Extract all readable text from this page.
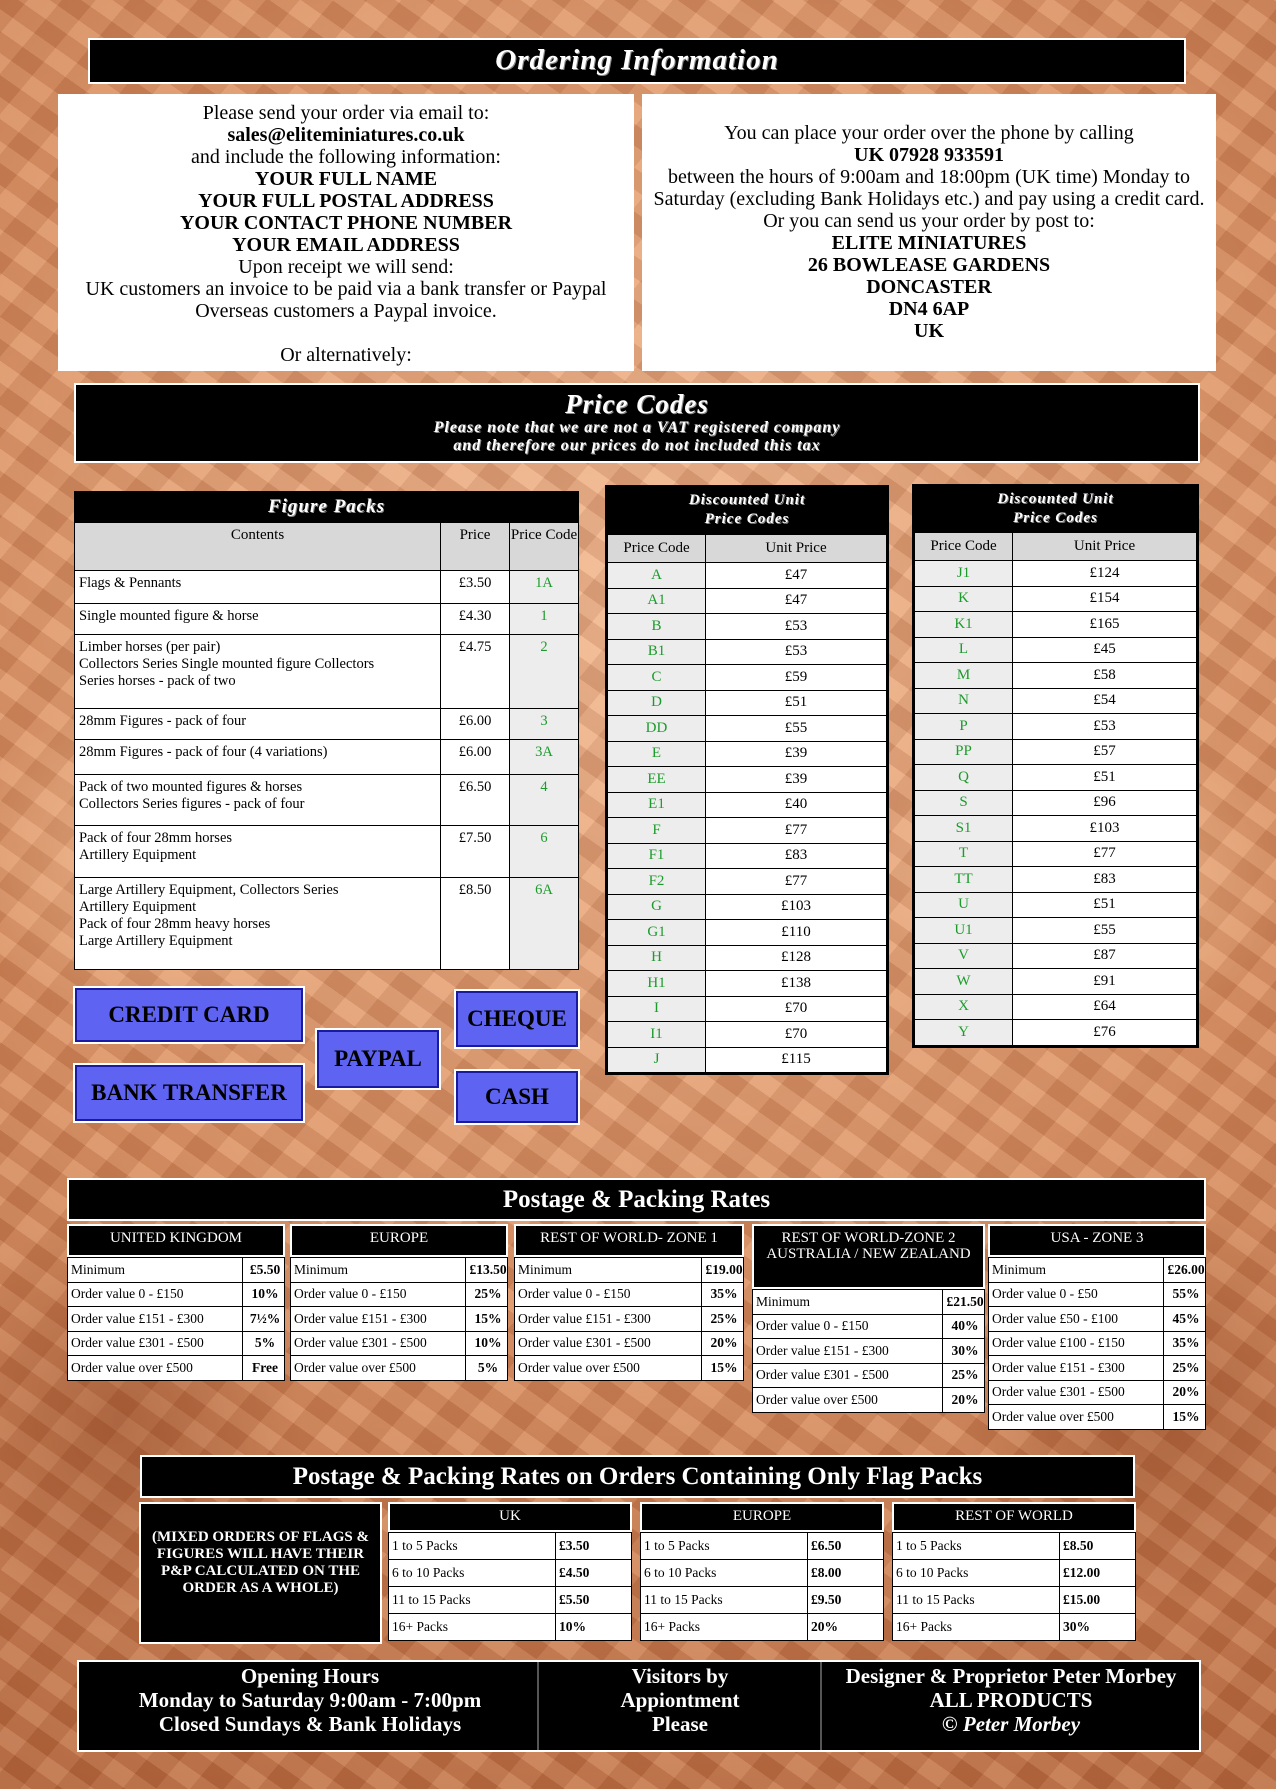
Ordering Information
Please send your order via email to:
sales@eliteminiatures.co.uk
and include the following information:
YOUR FULL NAME
YOUR FULL POSTAL ADDRESS
YOUR CONTACT PHONE NUMBER
YOUR EMAIL ADDRESS
Upon receipt we will send:
UK customers an invoice to be paid via a bank transfer or Paypal
Overseas customers a Paypal invoice.
Or alternatively:
You can place your order over the phone by calling
UK 07928 933591
between the hours of 9:00am and 18:00pm (UK time) Monday to Saturday (excluding Bank Holidays etc.) and pay using a credit card.
Or you can send us your order by post to:
ELITE MINIATURES
26 BOWLEASE GARDENS
DONCASTER
DN4 6AP
UK
Price Codes
Please note that we are not a VAT registered company
and therefore our prices do not included this tax
Figure Packs
Contents	Price	Price Code

Flags & Pennants	£3.50	1A

Single mounted figure & horse	£4.30	1

Limber horses (per pair)
Collectors Series Single mounted figure Collectors
Series horses - pack of two	£4.75	2

28mm Figures - pack of four	£6.00	3

28mm Figures - pack of four (4 variations)	£6.00	3A

Pack of two mounted figures & horses
Collectors Series figures - pack of four	£6.50	4

Pack of four 28mm horses
Artillery Equipment	£7.50	6

Large Artillery Equipment, Collectors Series
Artillery Equipment
Pack of four 28mm heavy horses
Large Artillery Equipment	£8.50	6A
CREDIT CARD
BANK TRANSFER
PAYPAL
CHEQUE
CASH
Discounted Unit
Price Codes
Price Code	Unit Price
A	£47
A1	£47
B	£53
B1	£53
C	£59
D	£51
DD	£55
E	£39
EE	£39
E1	£40
F	£77
F1	£83
F2	£77
G	£103
G1	£110
H	£128
H1	£138
I	£70
I1	£70
J	£115
Discounted Unit
Price Codes
Price Code	Unit Price
J1	£124
K	£154
K1	£165
L	£45
M	£58
N	£54
P	£53
PP	£57
Q	£51
S	£96
S1	£103
T	£77
TT	£83
U	£51
U1	£55
V	£87
W	£91
X	£64
Y	£76
Postage & Packing Rates
UNITED KINGDOM
Minimum	£5.50
Order value 0 - £150	10%
Order value £151 - £300	7½%
Order value £301 - £500	5%
Order value over £500	Free
EUROPE
Minimum	£13.50
Order value 0 - £150	25%
Order value £151 - £300	15%
Order value £301 - £500	10%
Order value over £500	5%
REST OF WORLD- ZONE 1
Minimum	£19.00
Order value 0 - £150	35%
Order value £151 - £300	25%
Order value £301 - £500	20%
Order value over £500	15%
REST OF WORLD-ZONE 2 AUSTRALIA / NEW ZEALAND
Minimum	£21.50
Order value 0 - £150	40%
Order value £151 - £300	30%
Order value £301 - £500	25%
Order value over £500	20%
USA - ZONE 3
Minimum	£26.00
Order value 0 - £50	55%
Order value £50 - £100	45%
Order value £100 - £150	35%
Order value £151 - £300	25%
Order value £301 - £500	20%
Order value over £500	15%
Postage & Packing Rates on Orders Containing Only Flag Packs
(MIXED ORDERS OF FLAGS & FIGURES WILL HAVE THEIR P&P CALCULATED ON THE ORDER AS A WHOLE)
UK
1 to 5 Packs	£3.50
6 to 10 Packs	£4.50
11 to 15 Packs	£5.50
16+ Packs	10%
EUROPE
1 to 5 Packs	£6.50
6 to 10 Packs	£8.00
11 to 15 Packs	£9.50
16+ Packs	20%
REST OF WORLD
1 to 5 Packs	£8.50
6 to 10 Packs	£12.00
11 to 15 Packs	£15.00
16+ Packs	30%
Opening Hours
Monday to Saturday 9:00am - 7:00pm
Closed Sundays & Bank Holidays
Visitors by
Appiontment
Please
Designer & Proprietor Peter Morbey
ALL PRODUCTS
© Peter Morbey
